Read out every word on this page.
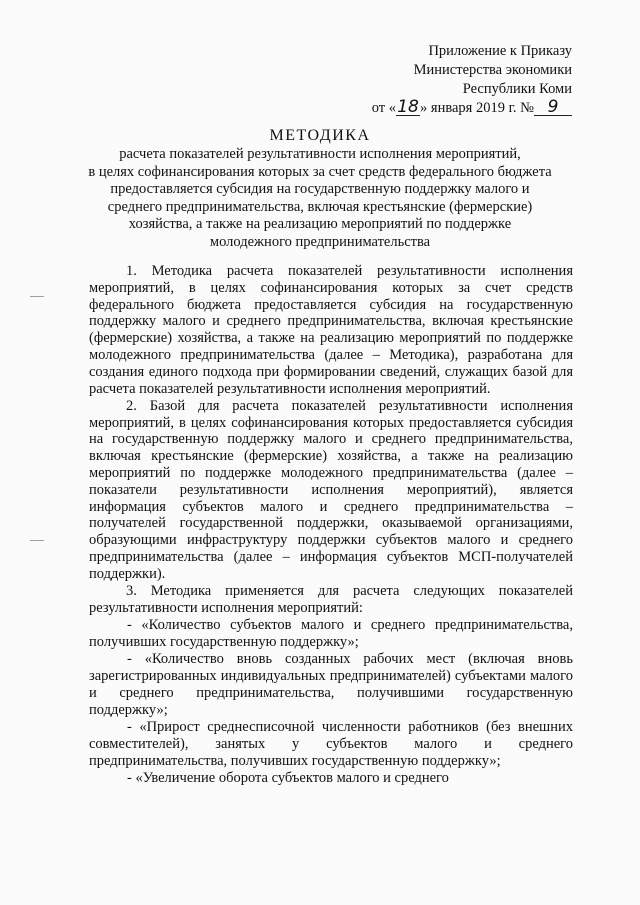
Приложение к Приказу
Министерства экономики
Республики Коми
от «18» января 2019 г. № 9
МЕТОДИКА
расчета показателей результативности исполнения мероприятий,
в целях софинансирования которых за счет средств федерального бюджета
предоставляется субсидия на государственную поддержку малого и
среднего предпринимательства, включая крестьянские (фермерские)
хозяйства, а также на реализацию мероприятий по поддержке
молодежного предпринимательства

1. Методика расчета показателей результативности исполнения мероприятий, в целях софинансирования которых за счет средств федерального бюджета предоставляется субсидия на государственную поддержку малого и среднего предпринимательства, включая крестьянские (фермерские) хозяйства, а также на реализацию мероприятий по поддержке молодежного предпринимательства (далее – Методика), разработана для создания единого подхода при формировании сведений, служащих базой для расчета показателей результативности исполнения мероприятий.

2. Базой для расчета показателей результативности исполнения мероприятий, в целях софинансирования которых предоставляется субсидия на государственную поддержку малого и среднего предпринимательства, включая крестьянские (фермерские) хозяйства, а также на реализацию мероприятий по поддержке молодежного предпринимательства (далее – показатели результативности исполнения мероприятий), является информация субъектов малого и среднего предпринимательства – получателей государственной поддержки, оказываемой организациями, образующими инфраструктуру поддержки субъектов малого и среднего предпринимательства (далее – информация субъектов МСП-получателей поддержки).

3. Методика применяется для расчета следующих показателей результативности исполнения мероприятий:

- «Количество субъектов малого и среднего предпринимательства, получивших государственную поддержку»;

- «Количество вновь созданных рабочих мест (включая вновь зарегистрированных индивидуальных предпринимателей) субъектами малого и среднего предпринимательства, получившими государственную поддержку»;

- «Прирост среднесписочной численности работников (без внешних совместителей), занятых у субъектов малого и среднего предпринимательства, получивших государственную поддержку»;

- «Увеличение оборота субъектов малого и среднего
